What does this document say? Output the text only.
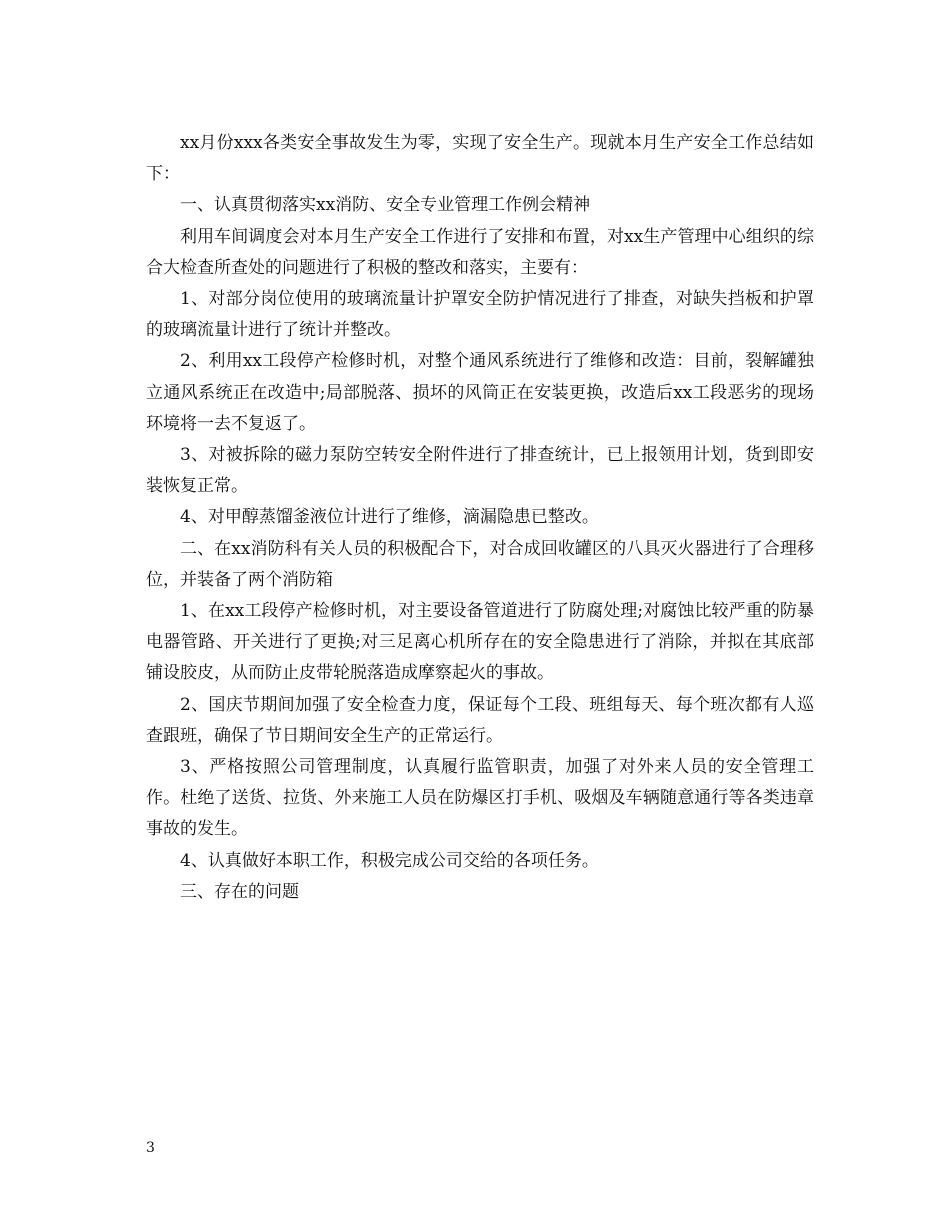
xx月份xxx各类安全事故发生为零，实现了安全生产。现就本月生产安全工作总结如下：

一、认真贯彻落实xx消防、安全专业管理工作例会精神

利用车间调度会对本月生产安全工作进行了安排和布置，对xx生产管理中心组织的综合大检查所查处的问题进行了积极的整改和落实，主要有：

1、对部分岗位使用的玻璃流量计护罩安全防护情况进行了排查，对缺失挡板和护罩的玻璃流量计进行了统计并整改。

2、利用xx工段停产检修时机，对整个通风系统进行了维修和改造：目前，裂解罐独立通风系统正在改造中;局部脱落、损坏的风筒正在安装更换，改造后xx工段恶劣的现场环境将一去不复返了。

3、对被拆除的磁力泵防空转安全附件进行了排查统计，已上报领用计划，货到即安装恢复正常。

4、对甲醇蒸馏釜液位计进行了维修，滴漏隐患已整改。

二、在xx消防科有关人员的积极配合下，对合成回收罐区的八具灭火器进行了合理移位，并装备了两个消防箱

1、在xx工段停产检修时机，对主要设备管道进行了防腐处理;对腐蚀比较严重的防暴电器管路、开关进行了更换;对三足离心机所存在的安全隐患进行了消除，并拟在其底部铺设胶皮，从而防止皮带轮脱落造成摩察起火的事故。

2、国庆节期间加强了安全检查力度，保证每个工段、班组每天、每个班次都有人巡查跟班，确保了节日期间安全生产的正常运行。

3、严格按照公司管理制度，认真履行监管职责，加强了对外来人员的安全管理工作。杜绝了送货、拉货、外来施工人员在防爆区打手机、吸烟及车辆随意通行等各类违章事故的发生。

4、认真做好本职工作，积极完成公司交给的各项任务。

三、存在的问题

3
